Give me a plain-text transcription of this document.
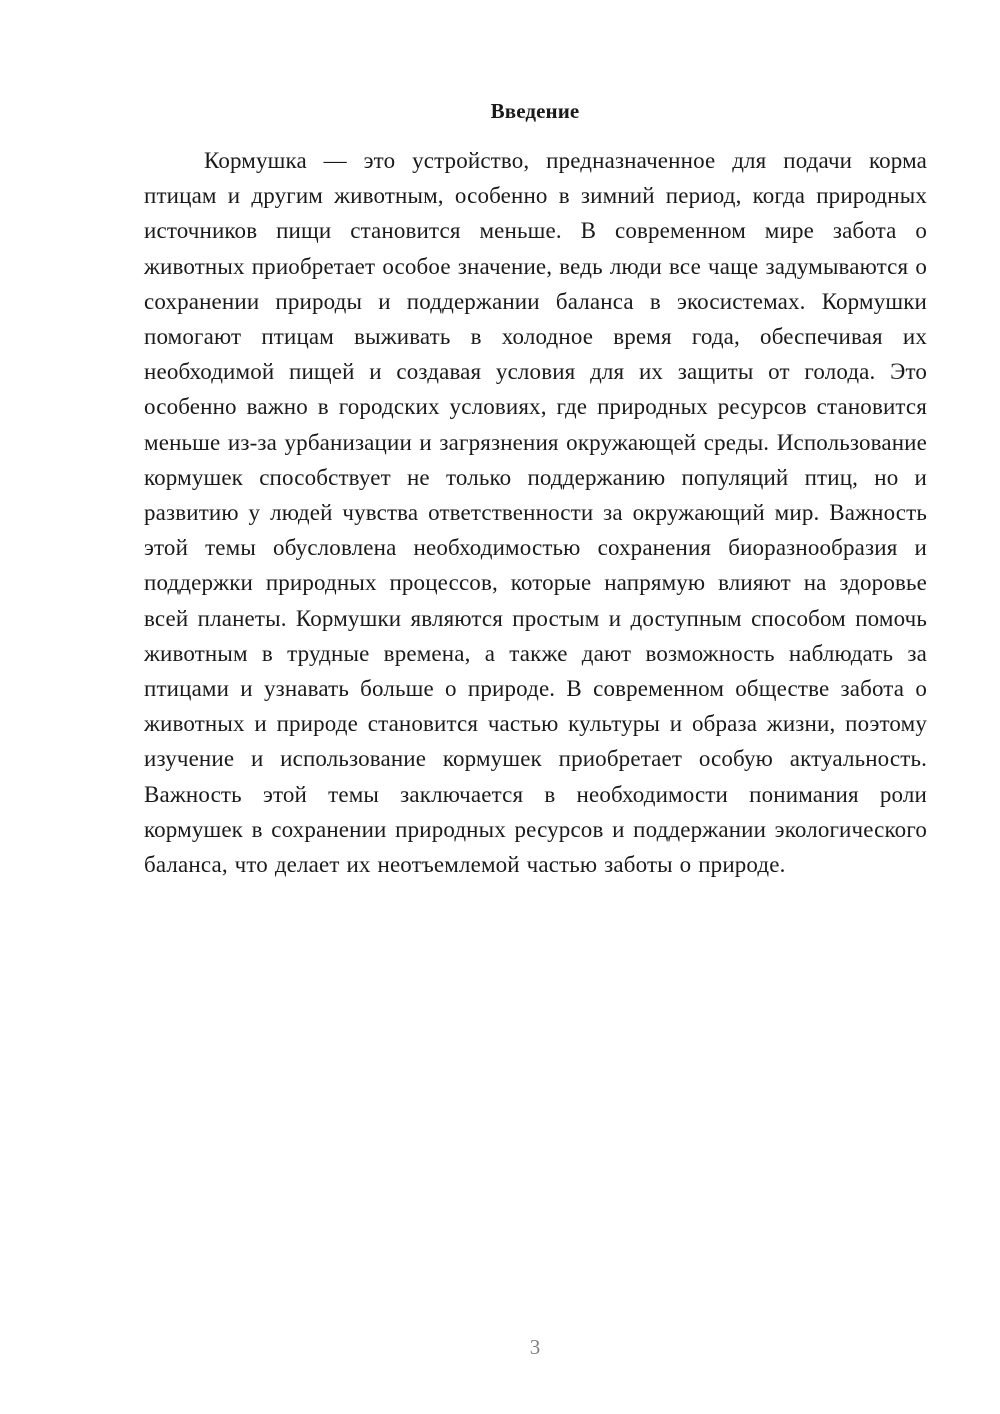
Введение

Кормушка — это устройство, предназначенное для подачи корма птицам и другим животным, особенно в зимний период, когда природных источников пищи становится меньше. В современном мире забота о животных приобретает особое значение, ведь люди все чаще задумываются о сохранении природы и поддержании баланса в экосистемах. Кормушки помогают птицам выживать в холодное время года, обеспечивая их необходимой пищей и создавая условия для их защиты от голода. Это особенно важно в городских условиях, где природных ресурсов становится меньше из-за урбанизации и загрязнения окружающей среды. Использование кормушек способствует не только поддержанию популяций птиц, но и развитию у людей чувства ответственности за окружающий мир. Важность этой темы обусловлена необходимостью сохранения биоразнообразия и поддержки природных процессов, которые напрямую влияют на здоровье всей планеты. Кормушки являются простым и доступным способом помочь животным в трудные времена, а также дают возможность наблюдать за птицами и узнавать больше о природе. В современном обществе забота о животных и природе становится частью культуры и образа жизни, поэтому изучение и использование кормушек приобретает особую актуальность. Важность этой темы заключается в необходимости понимания роли кормушек в сохранении природных ресурсов и поддержании экологического баланса, что делает их неотъемлемой частью заботы о природе.

3
